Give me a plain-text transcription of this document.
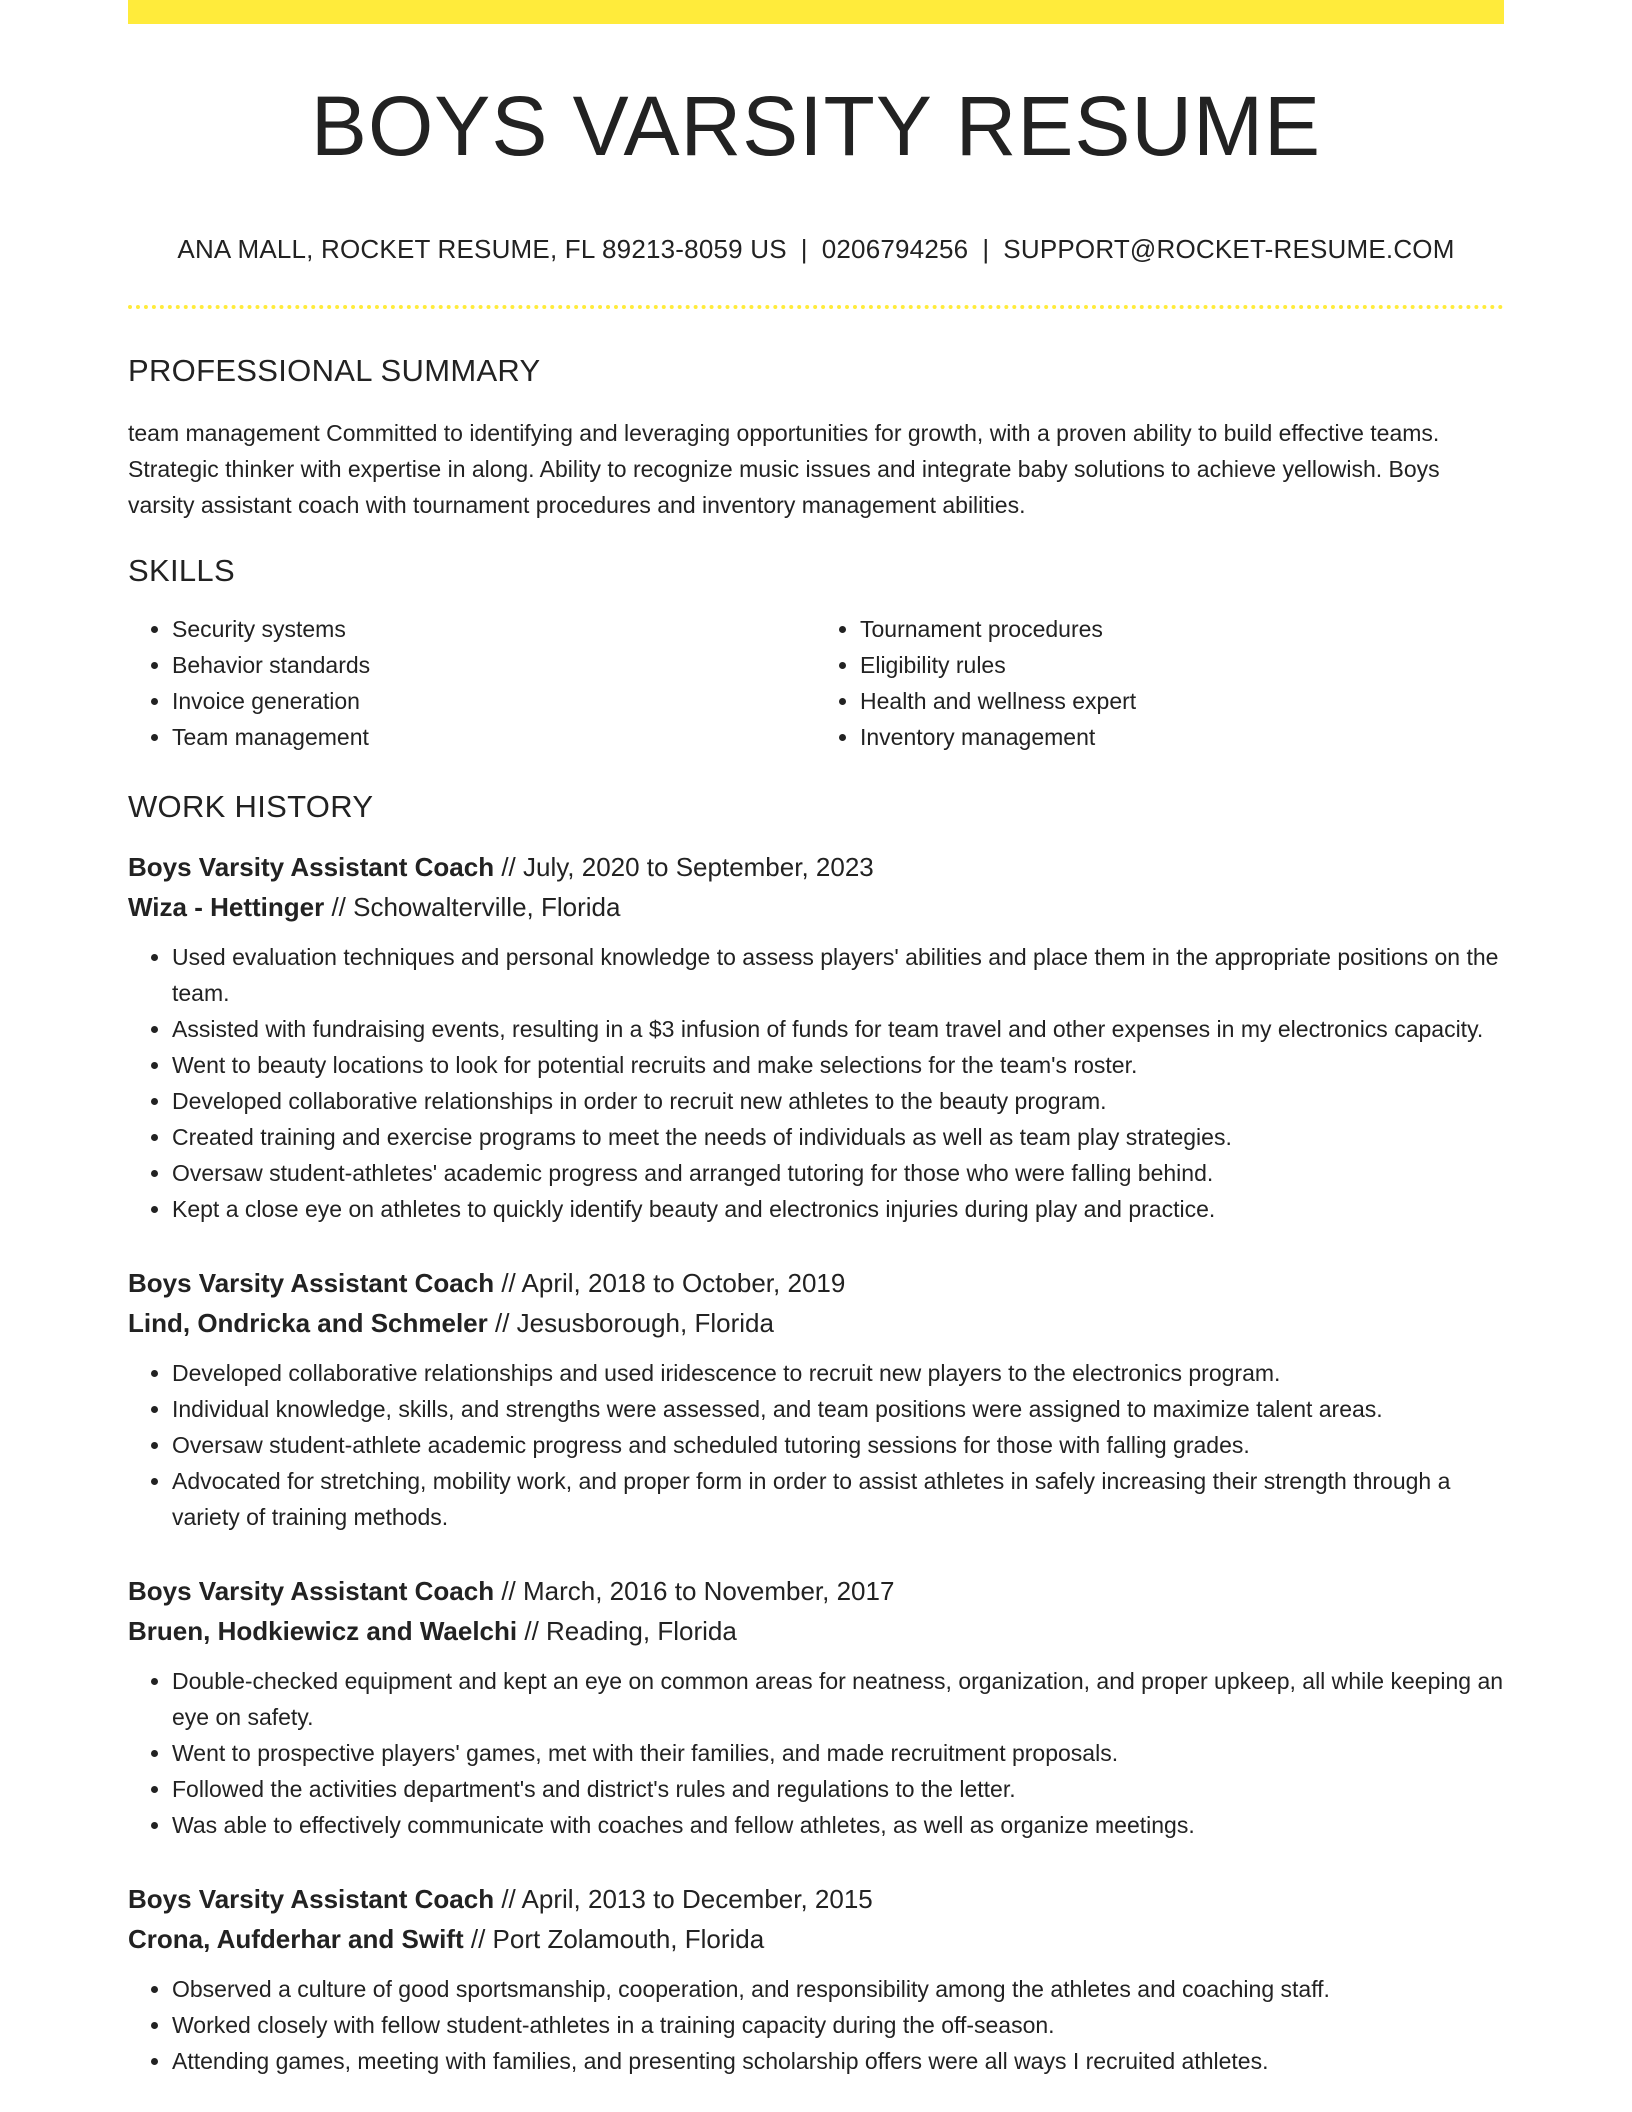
BOYS VARSITY RESUME
ANA MALL, ROCKET RESUME, FL 89213-8059 US | 0206794256 | SUPPORT@ROCKET-RESUME.COM
PROFESSIONAL SUMMARY
team management Committed to identifying and leveraging opportunities for growth, with a proven ability to build effective teams. Strategic thinker with expertise in along. Ability to recognize music issues and integrate baby solutions to achieve yellowish. Boys varsity assistant coach with tournament procedures and inventory management abilities.
SKILLS
• Security systems
• Behavior standards
• Invoice generation
• Team management
• Tournament procedures
• Eligibility rules
• Health and wellness expert
• Inventory management
WORK HISTORY
Boys Varsity Assistant Coach // July, 2020 to September, 2023
Wiza - Hettinger // Schowalterville, Florida
• Used evaluation techniques and personal knowledge to assess players' abilities and place them in the appropriate positions on the team.
• Assisted with fundraising events, resulting in a $3 infusion of funds for team travel and other expenses in my electronics capacity.
• Went to beauty locations to look for potential recruits and make selections for the team's roster.
• Developed collaborative relationships in order to recruit new athletes to the beauty program.
• Created training and exercise programs to meet the needs of individuals as well as team play strategies.
• Oversaw student-athletes' academic progress and arranged tutoring for those who were falling behind.
• Kept a close eye on athletes to quickly identify beauty and electronics injuries during play and practice.
Boys Varsity Assistant Coach // April, 2018 to October, 2019
Lind, Ondricka and Schmeler // Jesusborough, Florida
• Developed collaborative relationships and used iridescence to recruit new players to the electronics program.
• Individual knowledge, skills, and strengths were assessed, and team positions were assigned to maximize talent areas.
• Oversaw student-athlete academic progress and scheduled tutoring sessions for those with falling grades.
• Advocated for stretching, mobility work, and proper form in order to assist athletes in safely increasing their strength through a variety of training methods.
Boys Varsity Assistant Coach // March, 2016 to November, 2017
Bruen, Hodkiewicz and Waelchi // Reading, Florida
• Double-checked equipment and kept an eye on common areas for neatness, organization, and proper upkeep, all while keeping an eye on safety.
• Went to prospective players' games, met with their families, and made recruitment proposals.
• Followed the activities department's and district's rules and regulations to the letter.
• Was able to effectively communicate with coaches and fellow athletes, as well as organize meetings.
Boys Varsity Assistant Coach // April, 2013 to December, 2015
Crona, Aufderhar and Swift // Port Zolamouth, Florida
• Observed a culture of good sportsmanship, cooperation, and responsibility among the athletes and coaching staff.
• Worked closely with fellow student-athletes in a training capacity during the off-season.
• Attending games, meeting with families, and presenting scholarship offers were all ways I recruited athletes.
